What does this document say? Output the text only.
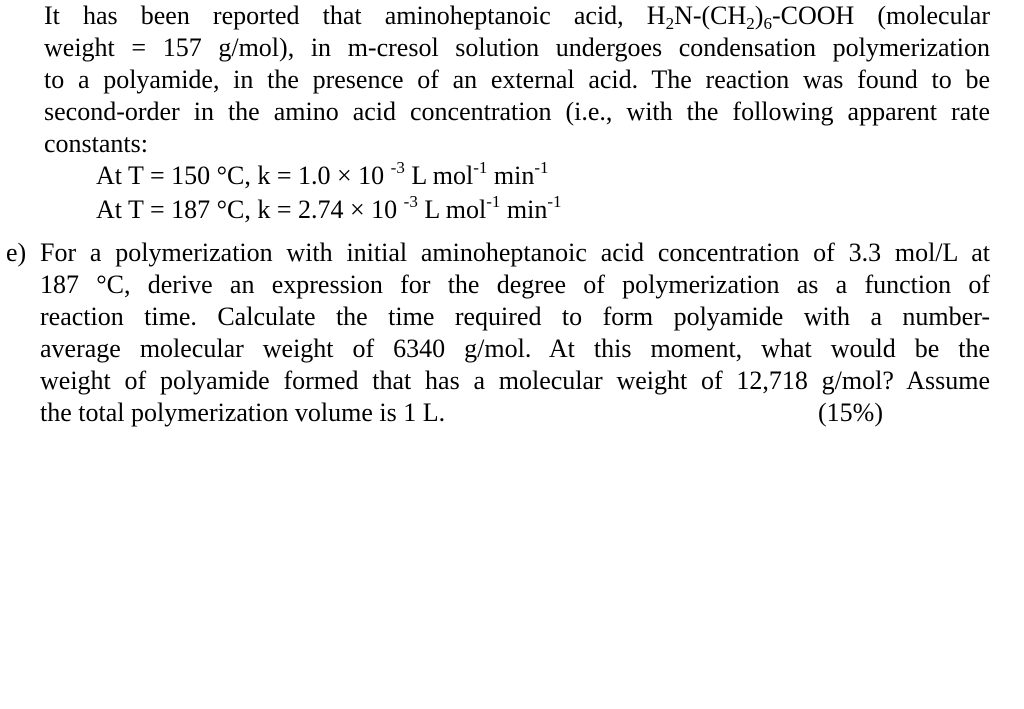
It has been reported that aminoheptanoic acid, $H_2N-(CH_2)_6$-COOH (molecular
weight = 157 g/mol), in m-cresol solution undergoes condensation polymerization
to a polyamide, in the presence of an external acid. The reaction was found to be
second-order in the amino acid concentration (i.e., with the following apparent rate
constants:
At T = 150 °C, k = 1.0 × 10 $^{-3}$ L mol$^{-1}$ $\min^{-1}$
At T = 187 °C, k = 2.74 × 10 $^{-3}$ L mol$^{-1}$ $\min^{-1}$
e) For a polymerization with initial aminoheptanoic acid concentration of 3.3 mol/L at
187 °C, derive an expression for the degree of polymerization as a function of
reaction time. Calculate the time required to form polyamide with a number-
average molecular weight of 6340 g/mol. At this moment, what would be the
weight of polyamide formed that has a molecular weight of 12,718 g/mol? Assume
the total polymerization volume is 1 L.	(15%)
